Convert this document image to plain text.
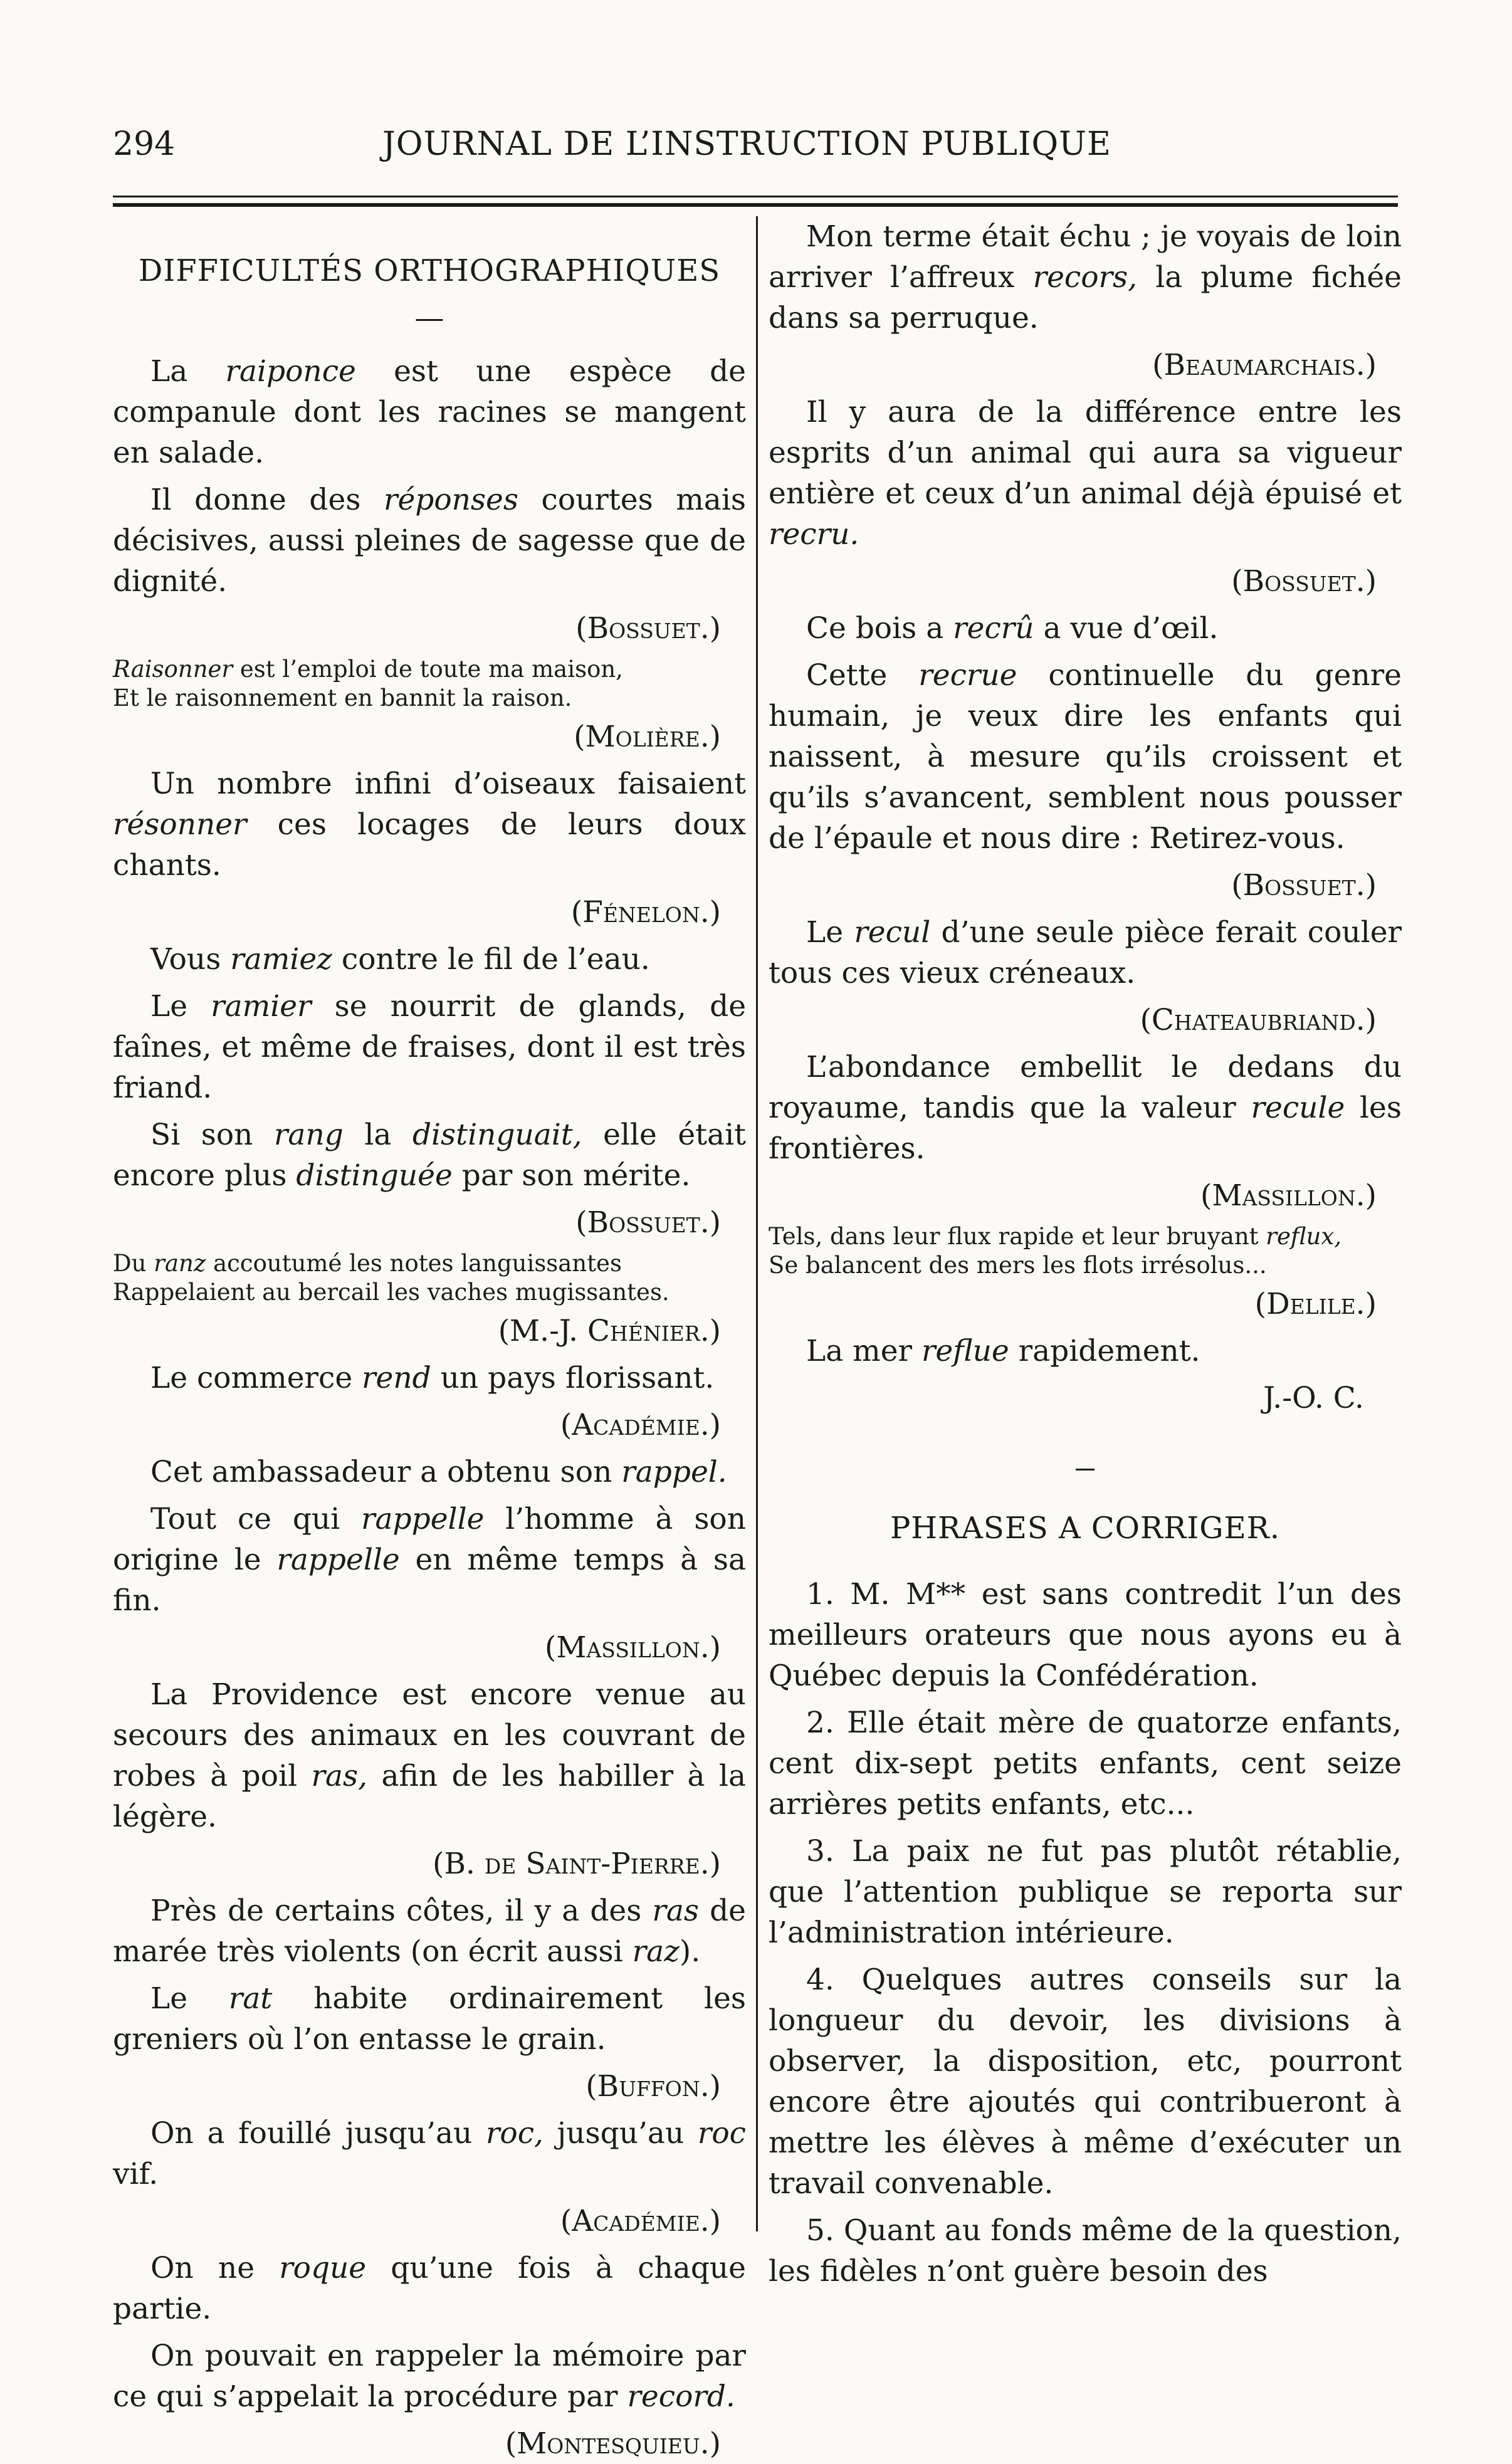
294	JOURNAL DE L’INSTRUCTION PUBLIQUE

DIFFICULTÉS ORTHOGRAPHIQUES

—

La raiponce est une espèce de companule dont les racines se mangent en salade.

Il donne des réponses courtes mais décisives, aussi pleines de sagesse que de dignité.

(Bossuet.)

Raisonner est l’emploi de toute ma maison,
Et le raisonnement en bannit la raison.

(Molière.)

Un nombre infini d’oiseaux faisaient résonner ces locages de leurs doux chants.

(Fénelon.)

Vous ramiez contre le fil de l’eau.

Le ramier se nourrit de glands, de faînes, et même de fraises, dont il est très friand.

Si son rang la distinguait, elle était encore plus distinguée par son mérite.

(Bossuet.)

Du ranz accoutumé les notes languissantes
Rappelaient au bercail les vaches mugissantes.

(M.-J. Chénier.)

Le commerce rend un pays florissant.

(Académie.)

Cet ambassadeur a obtenu son rappel.

Tout ce qui rappelle l’homme à son origine le rappelle en même temps à sa fin.

(Massillon.)

La Providence est encore venue au secours des animaux en les couvrant de robes à poil ras, afin de les habiller à la légère.

(B. de Saint-Pierre.)

Près de certains côtes, il y a des ras de marée très violents (on écrit aussi raz).

Le rat habite ordinairement les greniers où l’on entasse le grain.

(Buffon.)

On a fouillé jusqu’au roc, jusqu’au roc vif.

(Académie.)

On ne roque qu’une fois à chaque partie.

On pouvait en rappeler la mémoire par ce qui s’appelait la procédure par record.

(Montesquieu.)

Mon terme était échu ; je voyais de loin arriver l’affreux recors, la plume fichée dans sa perruque.

(Beaumarchais.)

Il y aura de la différence entre les esprits d’un animal qui aura sa vigueur entière et ceux d’un animal déjà épuisé et recru.

(Bossuet.)

Ce bois a recrû a vue d’œil.

Cette recrue continuelle du genre humain, je veux dire les enfants qui naissent, à mesure qu’ils croissent et qu’ils s’avancent, semblent nous pousser de l’épaule et nous dire : Retirez-vous.

(Bossuet.)

Le recul d’une seule pièce ferait couler tous ces vieux créneaux.

(Chateaubriand.)

L’abondance embellit le dedans du royaume, tandis que la valeur recule les frontières.

(Massillon.)

Tels, dans leur flux rapide et leur bruyant reflux,
Se balancent des mers les flots irrésolus...

(Delile.)

La mer reflue rapidement.

J.-O. C.

PHRASES A CORRIGER.

1. M. M** est sans contredit l’un des meilleurs orateurs que nous ayons eu à Québec depuis la Confédération.

2. Elle était mère de quatorze enfants, cent dix-sept petits enfants, cent seize arrières petits enfants, etc...

3. La paix ne fut pas plutôt rétablie, que l’attention publique se reporta sur l’administration intérieure.

4. Quelques autres conseils sur la longueur du devoir, les divisions à observer, la disposition, etc, pourront encore être ajoutés qui contribueront à mettre les élèves à même d’exécuter un travail convenable.

5. Quant au fonds même de la question, les fidèles n’ont guère besoin des
